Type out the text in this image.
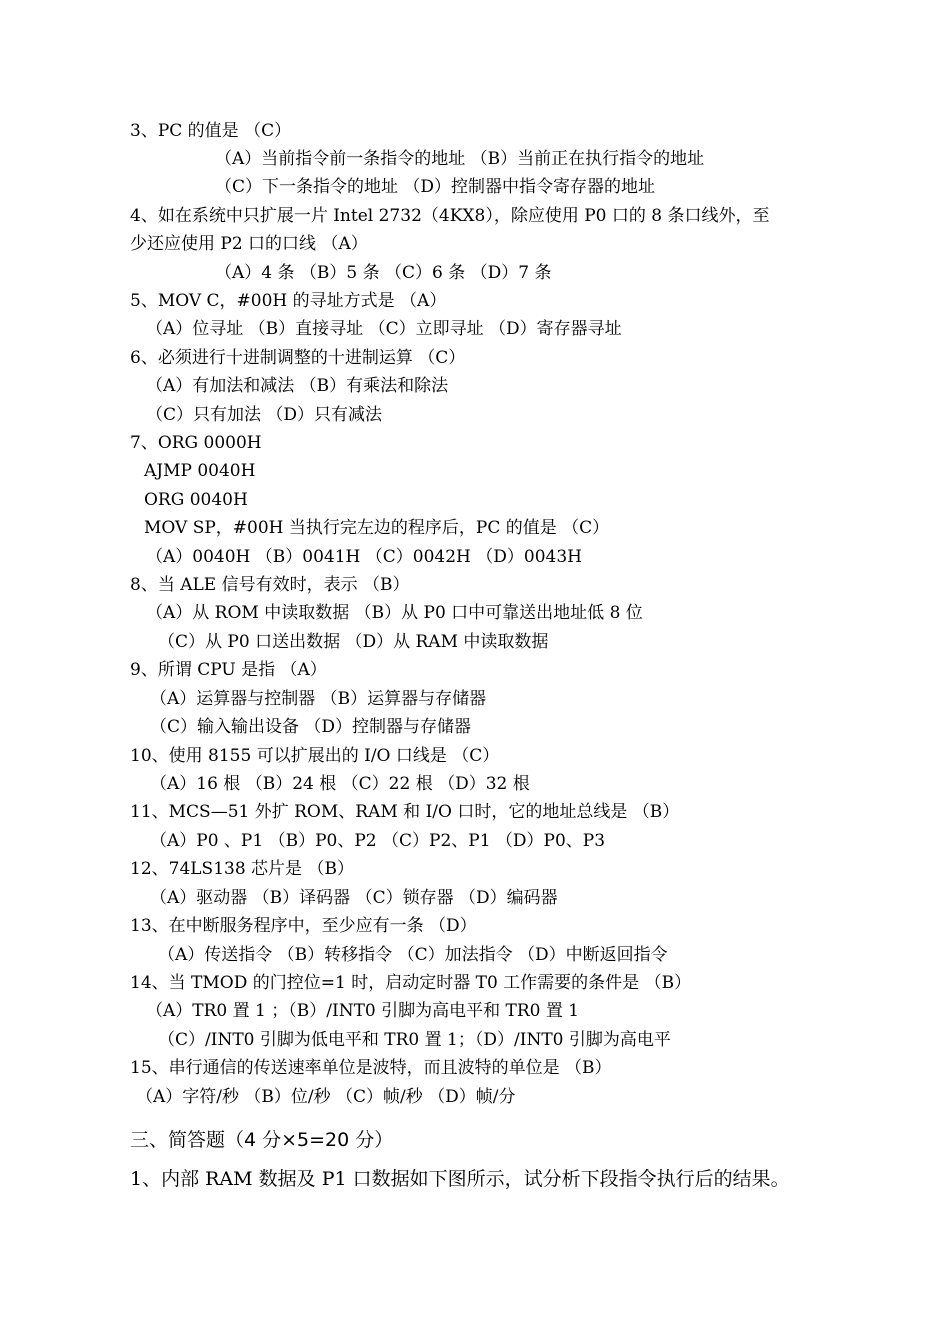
3、PC 的值是 （C）
（A）当前指令前一条指令的地址 （B）当前正在执行指令的地址
（C）下一条指令的地址 （D）控制器中指令寄存器的地址
4、如在系统中只扩展一片 Intel 2732（4KX8），除应使用 P0 口的 8 条口线外，至
少还应使用 P2 口的口线 （A）
（A）4 条 （B）5 条 （C）6 条 （D）7 条
5、MOV C，#00H 的寻址方式是 （A）
（A）位寻址 （B）直接寻址 （C）立即寻址 （D）寄存器寻址
6、必须进行十进制调整的十进制运算 （C）
（A）有加法和减法 （B）有乘法和除法
（C）只有加法 （D）只有减法
7、ORG 0000H
AJMP 0040H
ORG 0040H
MOV SP，#00H 当执行完左边的程序后，PC 的值是 （C）
（A）0040H （B）0041H （C）0042H （D）0043H
8、当 ALE 信号有效时，表示 （B）
（A）从 ROM 中读取数据 （B）从 P0 口中可靠送出地址低 8 位
（C）从 P0 口送出数据 （D）从 RAM 中读取数据
9、所谓 CPU 是指 （A）
（A）运算器与控制器 （B）运算器与存储器
（C）输入输出设备 （D）控制器与存储器
10、使用 8155 可以扩展出的 I/O 口线是 （C）
（A）16 根 （B）24 根 （C）22 根 （D）32 根
11、MCS—51 外扩 ROM、RAM 和 I/O 口时，它的地址总线是 （B）
（A）P0 、P1 （B）P0、P2 （C）P2、P1 （D）P0、P3
12、74LS138 芯片是 （B）
（A）驱动器 （B）译码器 （C）锁存器 （D）编码器
13、在中断服务程序中，至少应有一条 （D）
（A）传送指令 （B）转移指令 （C）加法指令 （D）中断返回指令
14、当 TMOD 的门控位=1 时，启动定时器 T0 工作需要的条件是 （B）
（A）TR0 置 1 ；（B）/INT0 引脚为高电平和 TR0 置 1
（C）/INT0 引脚为低电平和 TR0 置 1；（D）/INT0 引脚为高电平
15、串行通信的传送速率单位是波特，而且波特的单位是 （B）
（A）字符/秒 （B）位/秒 （C）帧/秒 （D）帧/分
三、简答题（4 分×5=20 分）
1、内部 RAM 数据及 P1 口数据如下图所示，试分析下段指令执行后的结果。
